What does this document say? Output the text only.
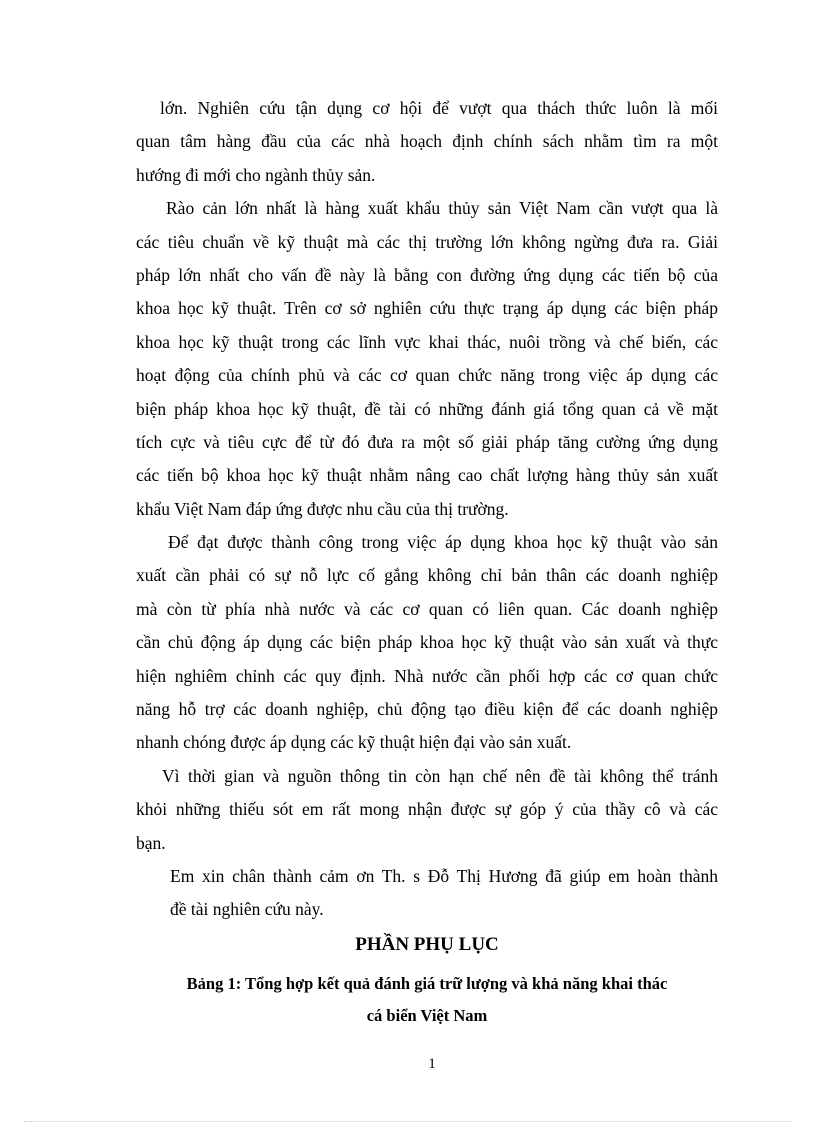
lớn. Nghiên cứu tận dụng cơ hội để vượt qua thách thức luôn là mối
quan tâm hàng đầu của các nhà hoạch định chính sách nhằm tìm ra một
hướng đi mới cho ngành thủy sản.
Rào cản lớn nhất là hàng xuất khẩu thủy sản Việt Nam cần vượt qua là
các tiêu chuẩn về kỹ thuật mà các thị trường lớn không ngừng đưa ra. Giải
pháp lớn nhất cho vấn đề này là bằng con đường ứng dụng các tiến bộ của
khoa học kỹ thuật. Trên cơ sở nghiên cứu thực trạng áp dụng các biện pháp
khoa học kỹ thuật trong các lĩnh vực khai thác, nuôi trồng và chế biến, các
hoạt động của chính phủ và các cơ quan chức năng trong việc áp dụng các
biện pháp khoa học kỹ thuật, đề tài có những đánh giá tổng quan cả về mặt
tích cực và tiêu cực để từ đó đưa ra một số giải pháp tăng cường ứng dụng
các tiến bộ khoa học kỹ thuật nhằm nâng cao chất lượng hàng thủy sản xuất
khẩu Việt Nam đáp ứng được nhu cầu của thị trường.
Để đạt được thành công trong việc áp dụng khoa học kỹ thuật vào sản
xuất cần phải có sự nỗ lực cố gắng không chỉ bản thân các doanh nghiệp
mà còn từ phía nhà nước và các cơ quan có liên quan. Các doanh nghiệp
cần chủ động áp dụng các biện pháp khoa học kỹ thuật vào sản xuất và thực
hiện nghiêm chỉnh các quy định. Nhà nước cần phối hợp các cơ quan chức
năng hỗ trợ các doanh nghiệp, chủ động tạo điều kiện để các doanh nghiệp
nhanh chóng được áp dụng các kỹ thuật hiện đại vào sản xuất.
Vì thời gian và nguồn thông tin còn hạn chế nên đề tài không thể tránh
khỏi những thiếu sót em rất mong nhận được sự góp ý của thầy cô và các
bạn.
Em xin chân thành cảm ơn Th. s Đỗ Thị Hương đã giúp em hoàn thành
đề tài nghiên cứu này.
PHẦN PHỤ LỤC
Bảng 1: Tổng hợp kết quả đánh giá trữ lượng và khả năng khai thác
cá biển Việt Nam
1
